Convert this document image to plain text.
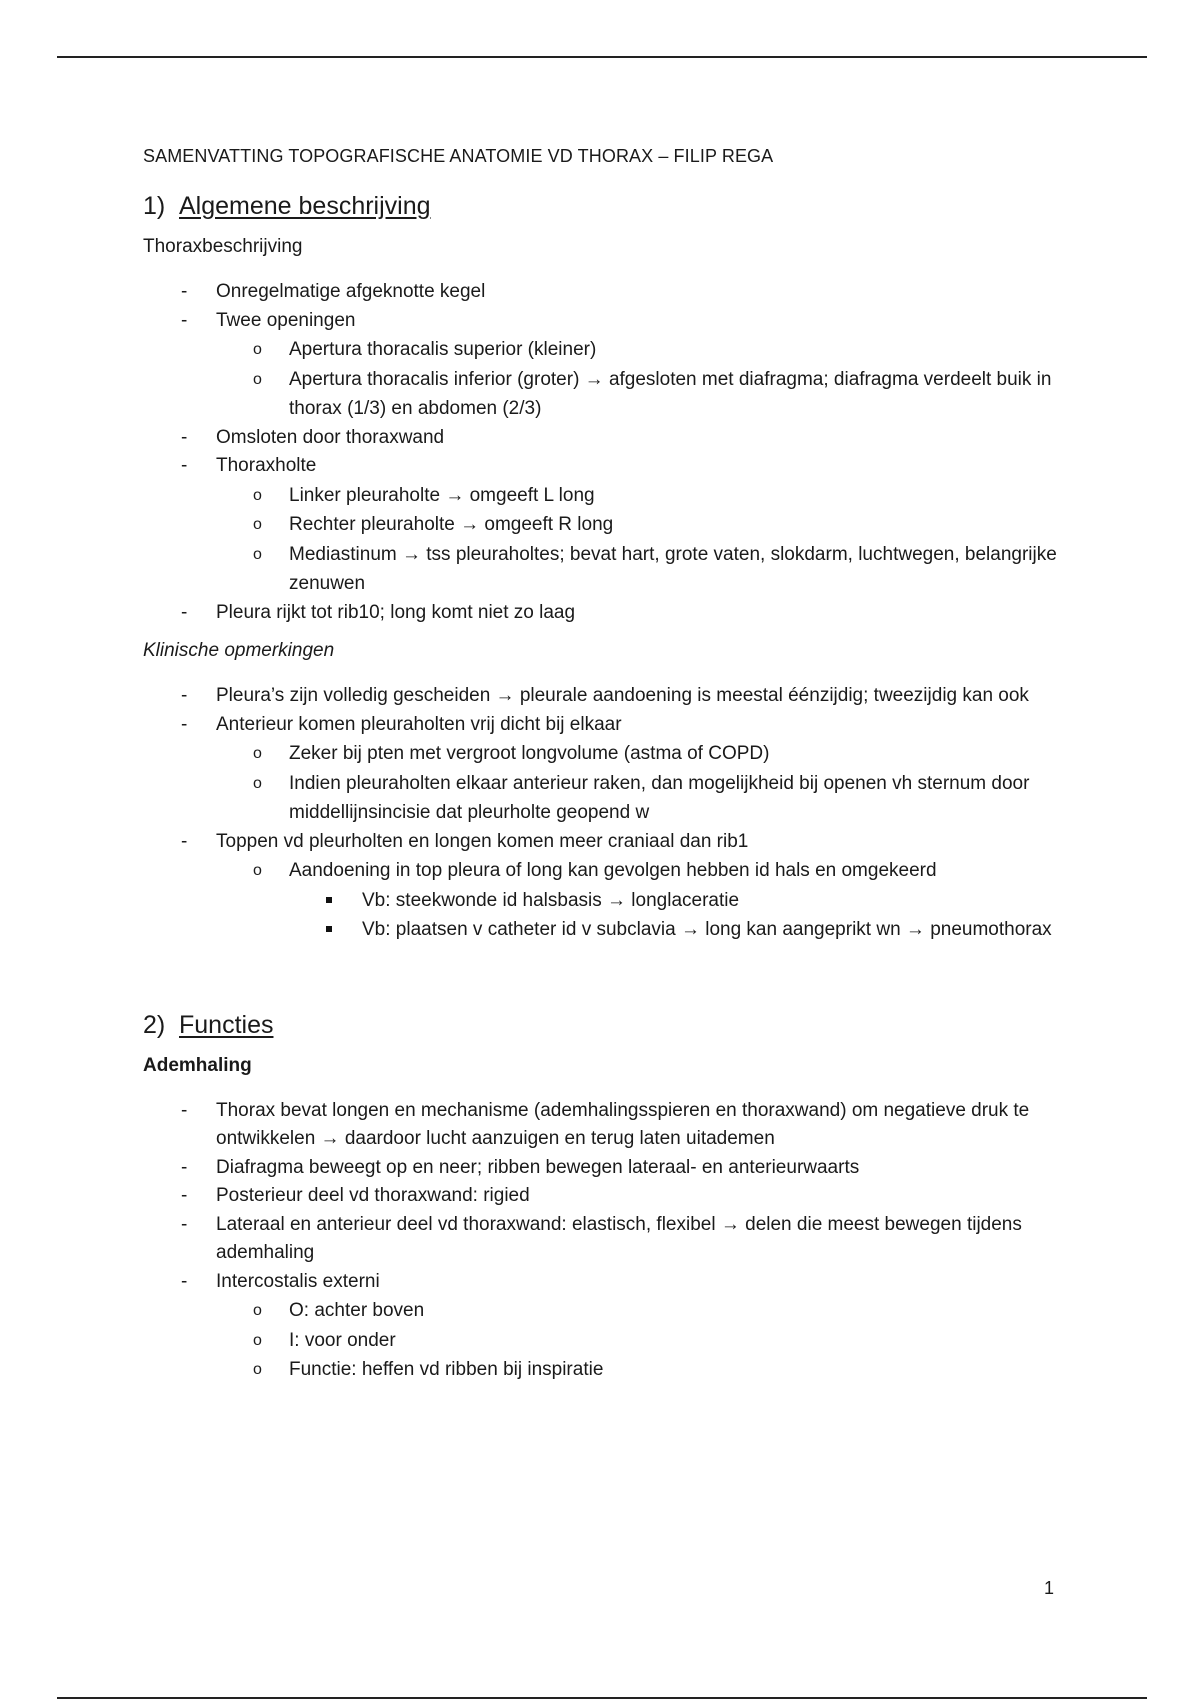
SAMENVATTING TOPOGRAFISCHE ANATOMIE VD THORAX – FILIP REGA
1) Algemene beschrijving
Thoraxbeschrijving
- Onregelmatige afgeknotte kegel
- Twee openingen
o Apertura thoracalis superior (kleiner)
o Apertura thoracalis inferior (groter) → afgesloten met diafragma; diafragma verdeelt buik in thorax (1/3) en abdomen (2/3)
- Omsloten door thoraxwand
- Thoraxholte
o Linker pleuraholte → omgeeft L long
o Rechter pleuraholte → omgeeft R long
o Mediastinum → tss pleuraholtes; bevat hart, grote vaten, slokdarm, luchtwegen, belangrijke zenuwen
- Pleura rijkt tot rib10; long komt niet zo laag
Klinische opmerkingen
- Pleura’s zijn volledig gescheiden → pleurale aandoening is meestal éénzijdig; tweezijdig kan ook
- Anterieur komen pleuraholten vrij dicht bij elkaar
o Zeker bij pten met vergroot longvolume (astma of COPD)
o Indien pleuraholten elkaar anterieur raken, dan mogelijkheid bij openen vh sternum door middellijnsincisie dat pleurholte geopend w
- Toppen vd pleurholten en longen komen meer craniaal dan rib1
o Aandoening in top pleura of long kan gevolgen hebben id hals en omgekeerd
Vb: steekwonde id halsbasis → longlaceratie
Vb: plaatsen v catheter id v subclavia → long kan aangeprikt wn → pneumothorax
2) Functies
Ademhaling
- Thorax bevat longen en mechanisme (ademhalingsspieren en thoraxwand) om negatieve druk te ontwikkelen → daardoor lucht aanzuigen en terug laten uitademen
- Diafragma beweegt op en neer; ribben bewegen lateraal- en anterieurwaarts
- Posterieur deel vd thoraxwand: rigied
- Lateraal en anterieur deel vd thoraxwand: elastisch, flexibel → delen die meest bewegen tijdens ademhaling
- Intercostalis externi
o O: achter boven
o I: voor onder
o Functie: heffen vd ribben bij inspiratie
1
